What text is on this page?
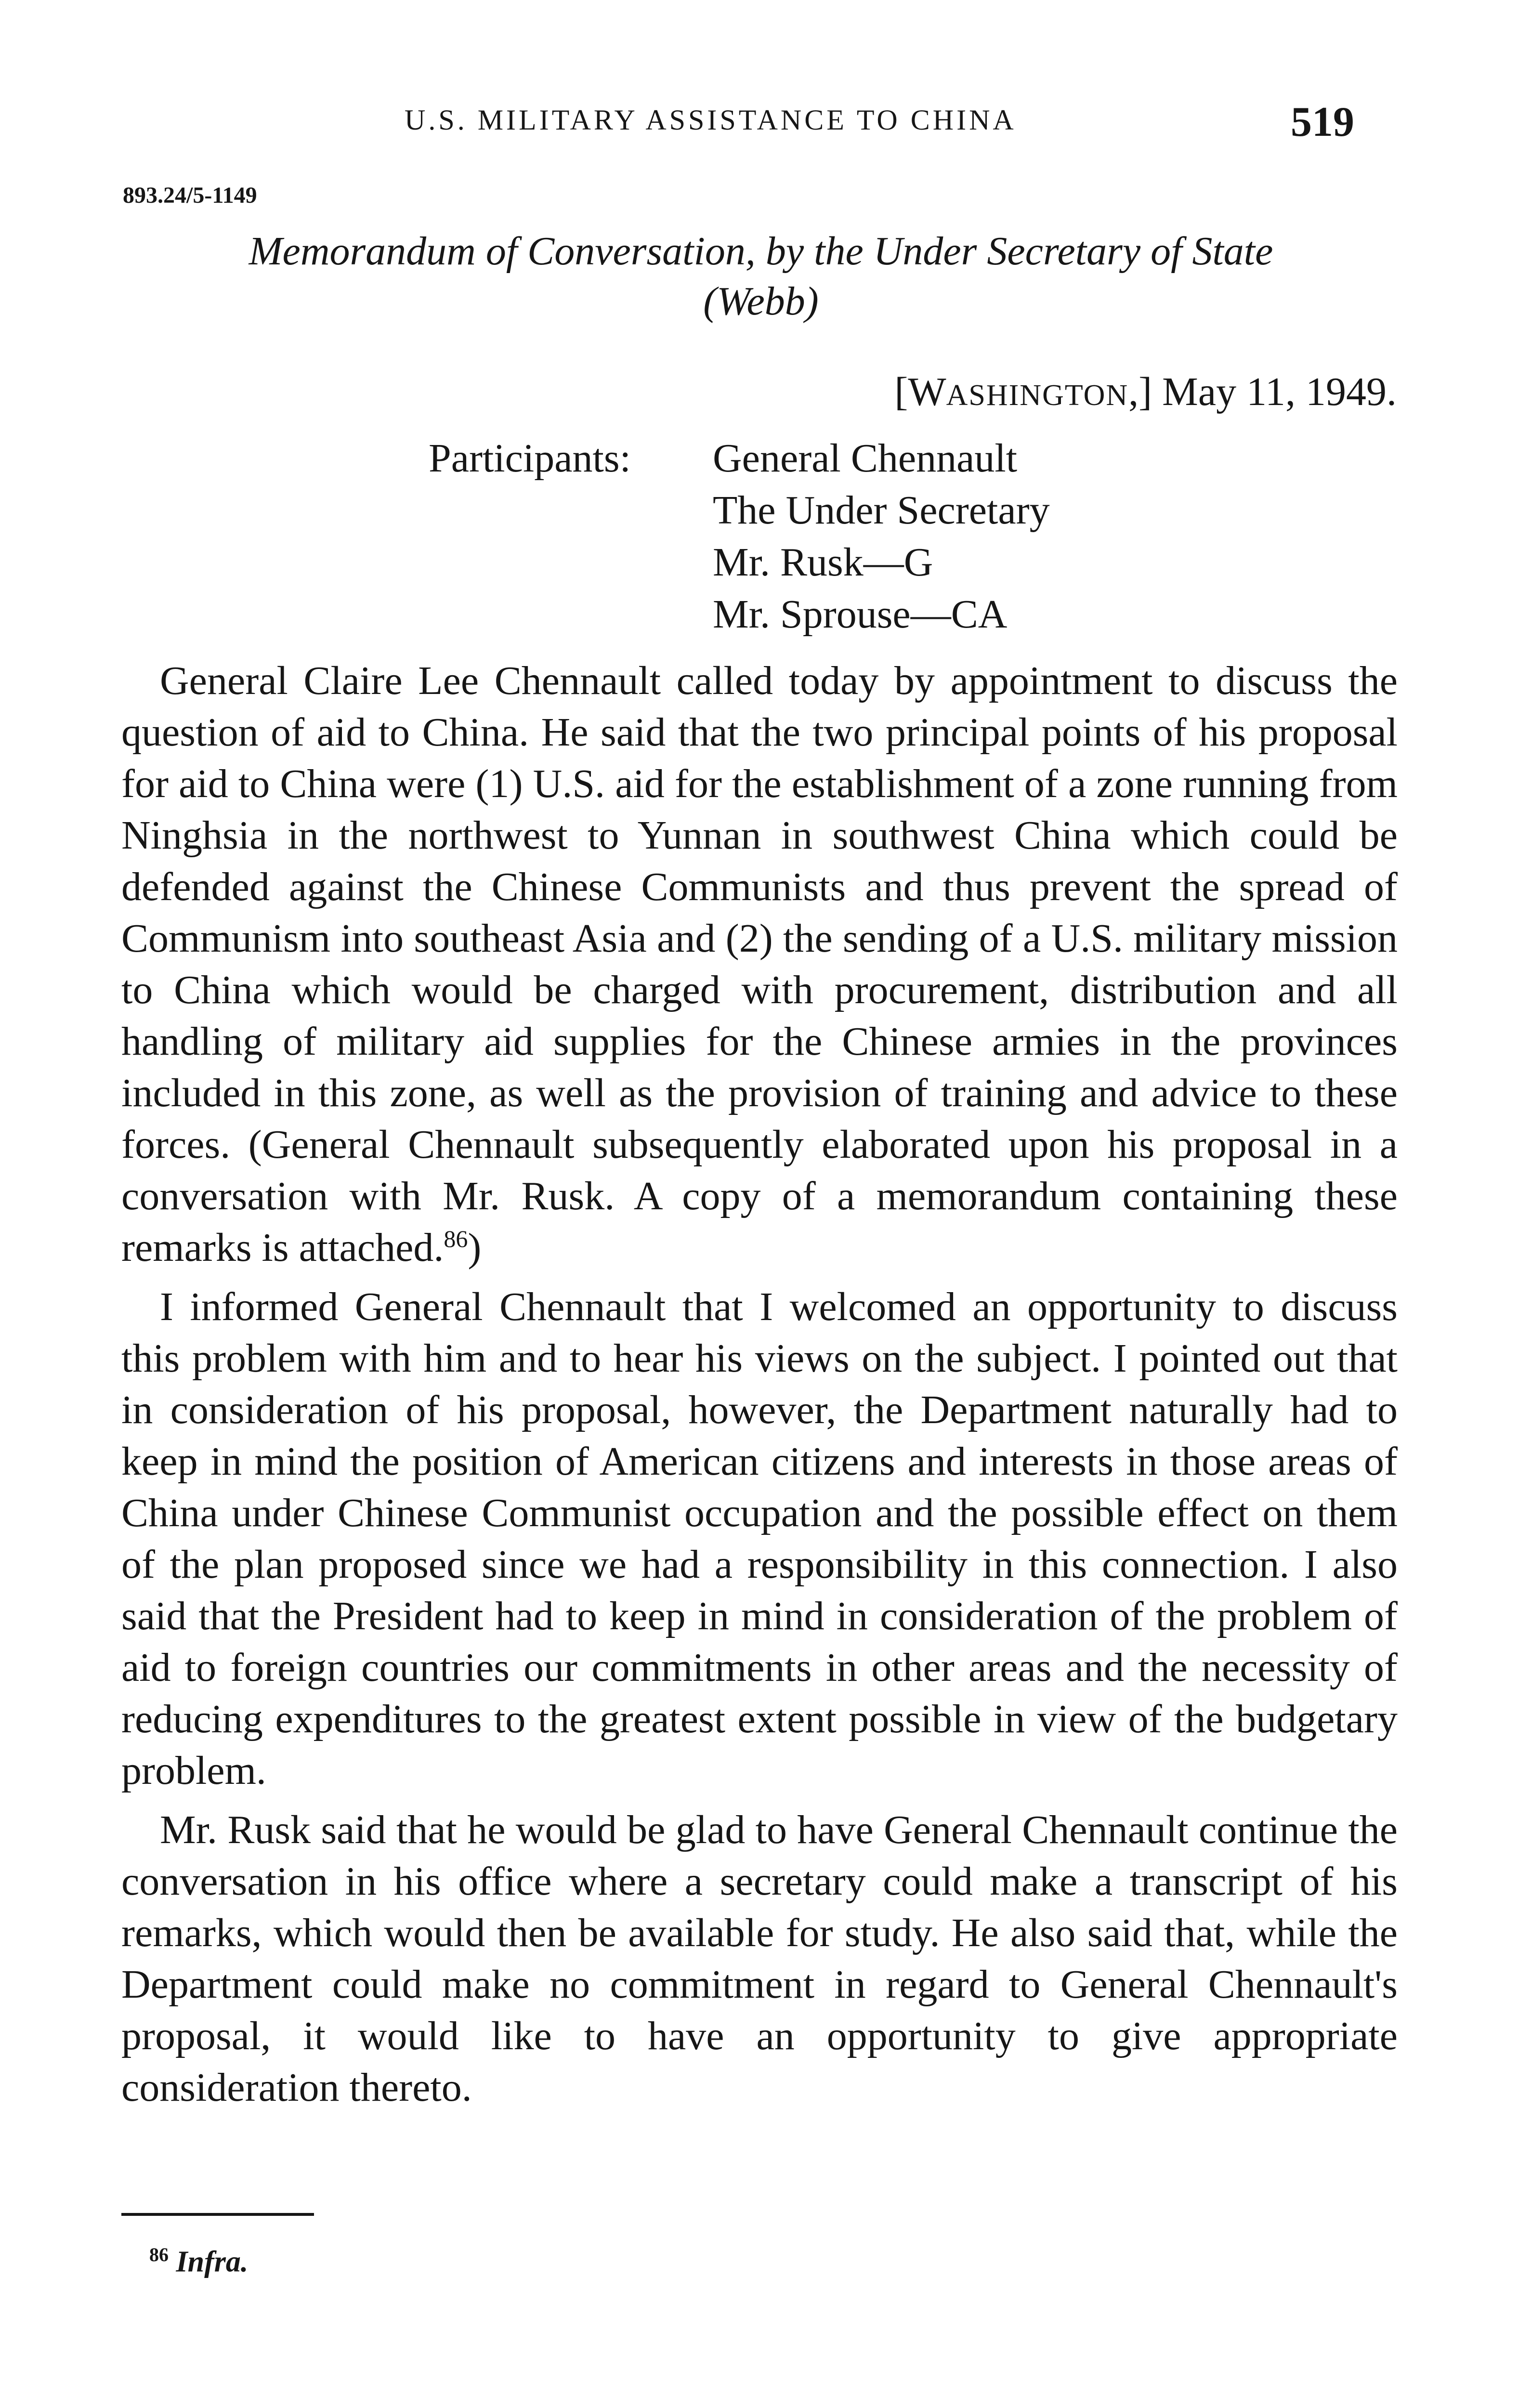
U.S. MILITARY ASSISTANCE TO CHINA	519
893.24/5-1149
Memorandum of Conversation, by the Under Secretary of State
(Webb)
[WASHINGTON,] May 11, 1949.
Participants: General Chennault
The Under Secretary
Mr. Rusk—G
Mr. Sprouse—CA

General Claire Lee Chennault called today by appointment to discuss the question of aid to China. He said that the two principal points of his proposal for aid to China were (1) U.S. aid for the establishment of a zone running from Ninghsia in the northwest to Yunnan in southwest China which could be defended against the Chinese Communists and thus prevent the spread of Communism into southeast Asia and (2) the sending of a U.S. military mission to China which would be charged with procurement, distribution and all handling of military aid supplies for the Chinese armies in the provinces included in this zone, as well as the provision of training and advice to these forces. (General Chennault subsequently elaborated upon his proposal in a conversation with Mr. Rusk. A copy of a memorandum containing these remarks is attached.$^{86}$)

I informed General Chennault that I welcomed an opportunity to discuss this problem with him and to hear his views on the subject. I pointed out that in consideration of his proposal, however, the Department naturally had to keep in mind the position of American citizens and interests in those areas of China under Chinese Communist occupation and the possible effect on them of the plan proposed since we had a responsibility in this connection. I also said that the President had to keep in mind in consideration of the problem of aid to foreign countries our commitments in other areas and the necessity of reducing expenditures to the greatest extent possible in view of the budgetary problem.

Mr. Rusk said that he would be glad to have General Chennault continue the conversation in his office where a secretary could make a transcript of his remarks, which would then be available for study. He also said that, while the Department could make no commitment in regard to General Chennault's proposal, it would like to have an opportunity to give appropriate consideration thereto.

$^{86}$ Infra.
